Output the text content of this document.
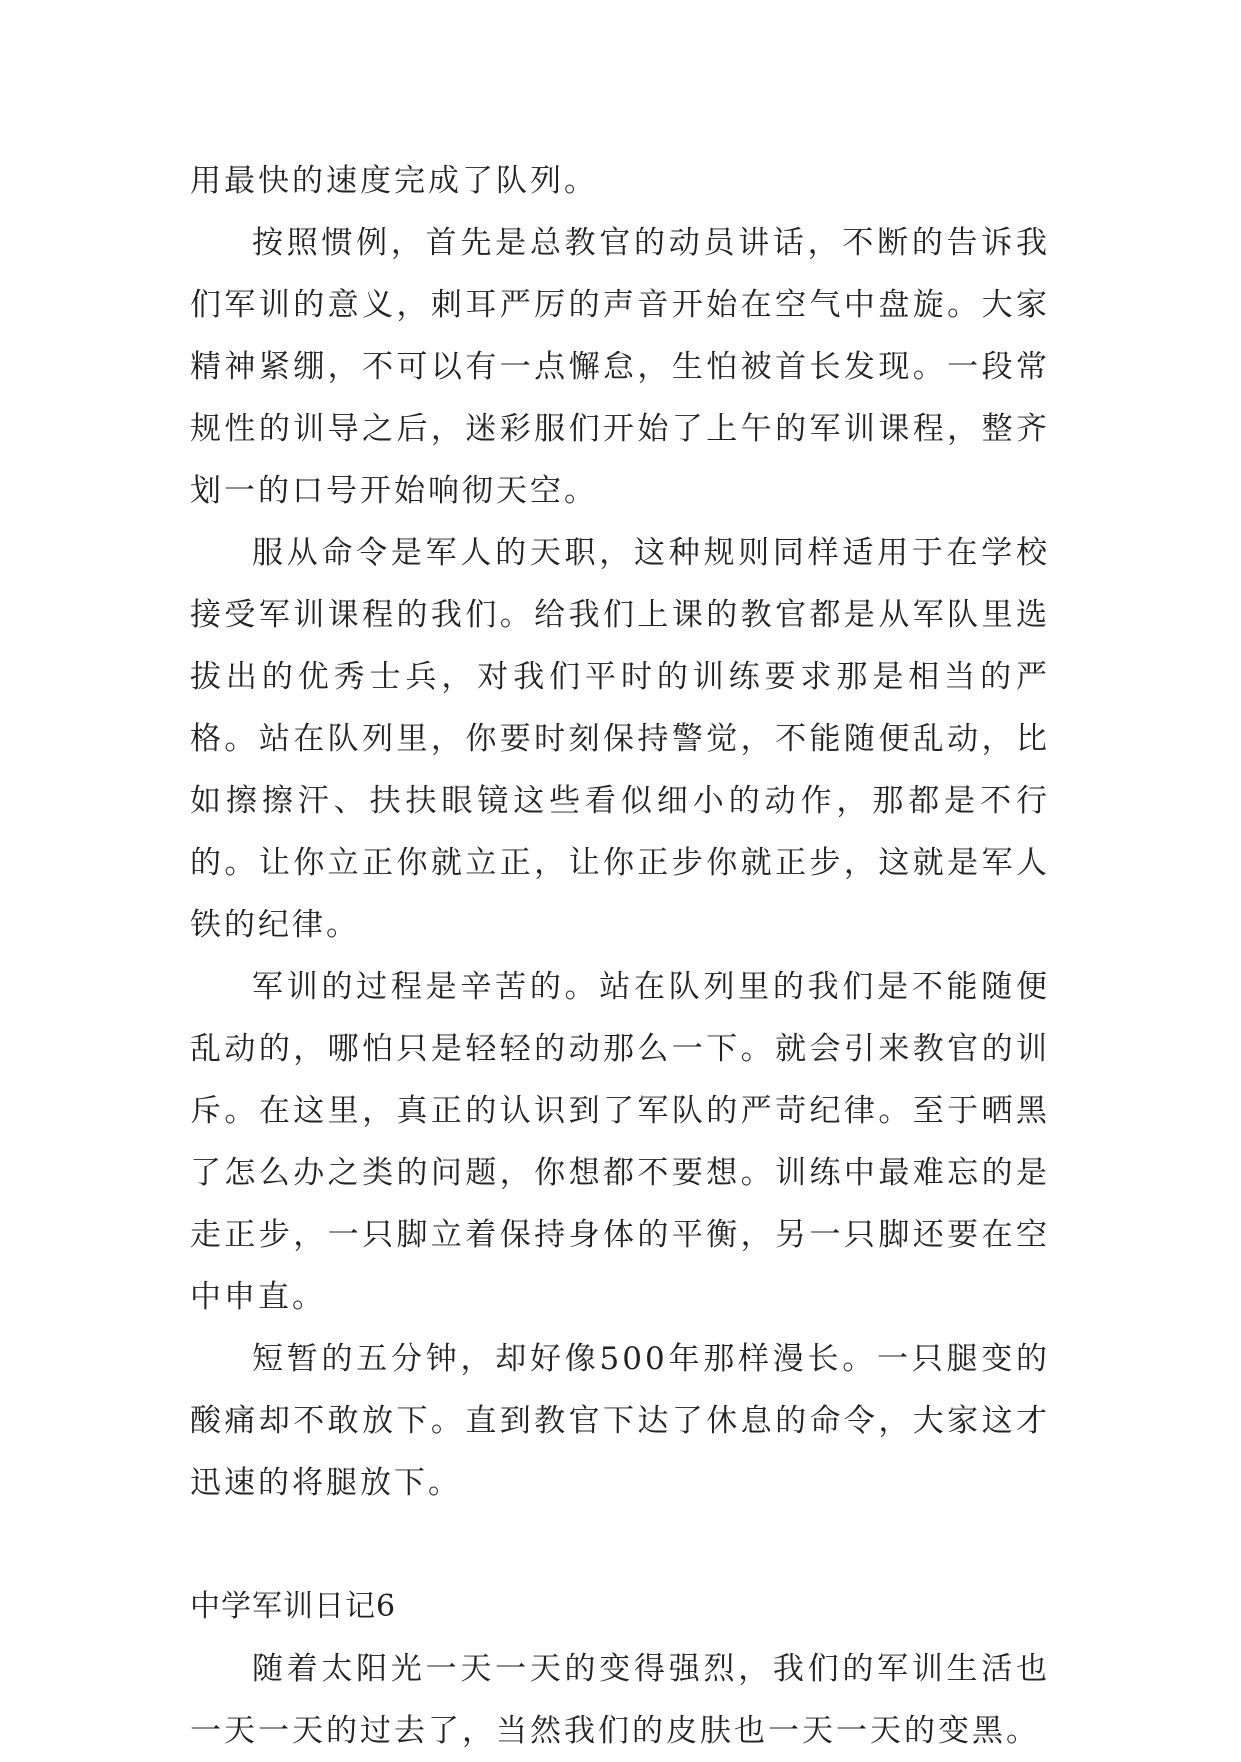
用最快的速度完成了队列。

按照惯例，首先是总教官的动员讲话，不断的告诉我们军训的意义，刺耳严厉的声音开始在空气中盘旋。大家精神紧绷，不可以有一点懈怠，生怕被首长发现。一段常规性的训导之后，迷彩服们开始了上午的军训课程，整齐划一的口号开始响彻天空。

服从命令是军人的天职，这种规则同样适用于在学校接受军训课程的我们。给我们上课的教官都是从军队里选拔出的优秀士兵，对我们平时的训练要求那是相当的严格。站在队列里，你要时刻保持警觉，不能随便乱动，比如擦擦汗、扶扶眼镜这些看似细小的动作，那都是不行的。让你立正你就立正，让你正步你就正步，这就是军人铁的纪律。

军训的过程是辛苦的。站在队列里的我们是不能随便乱动的，哪怕只是轻轻的动那么一下。就会引来教官的训斥。在这里，真正的认识到了军队的严苛纪律。至于晒黑了怎么办之类的问题，你想都不要想。训练中最难忘的是走正步，一只脚立着保持身体的平衡，另一只脚还要在空中申直。

短暂的五分钟，却好像500年那样漫长。一只腿变的酸痛却不敢放下。直到教官下达了休息的命令，大家这才迅速的将腿放下。

中学军训日记6

随着太阳光一天一天的变得强烈，我们的军训生活也一天一天的过去了，当然我们的皮肤也一天一天的变黑。
